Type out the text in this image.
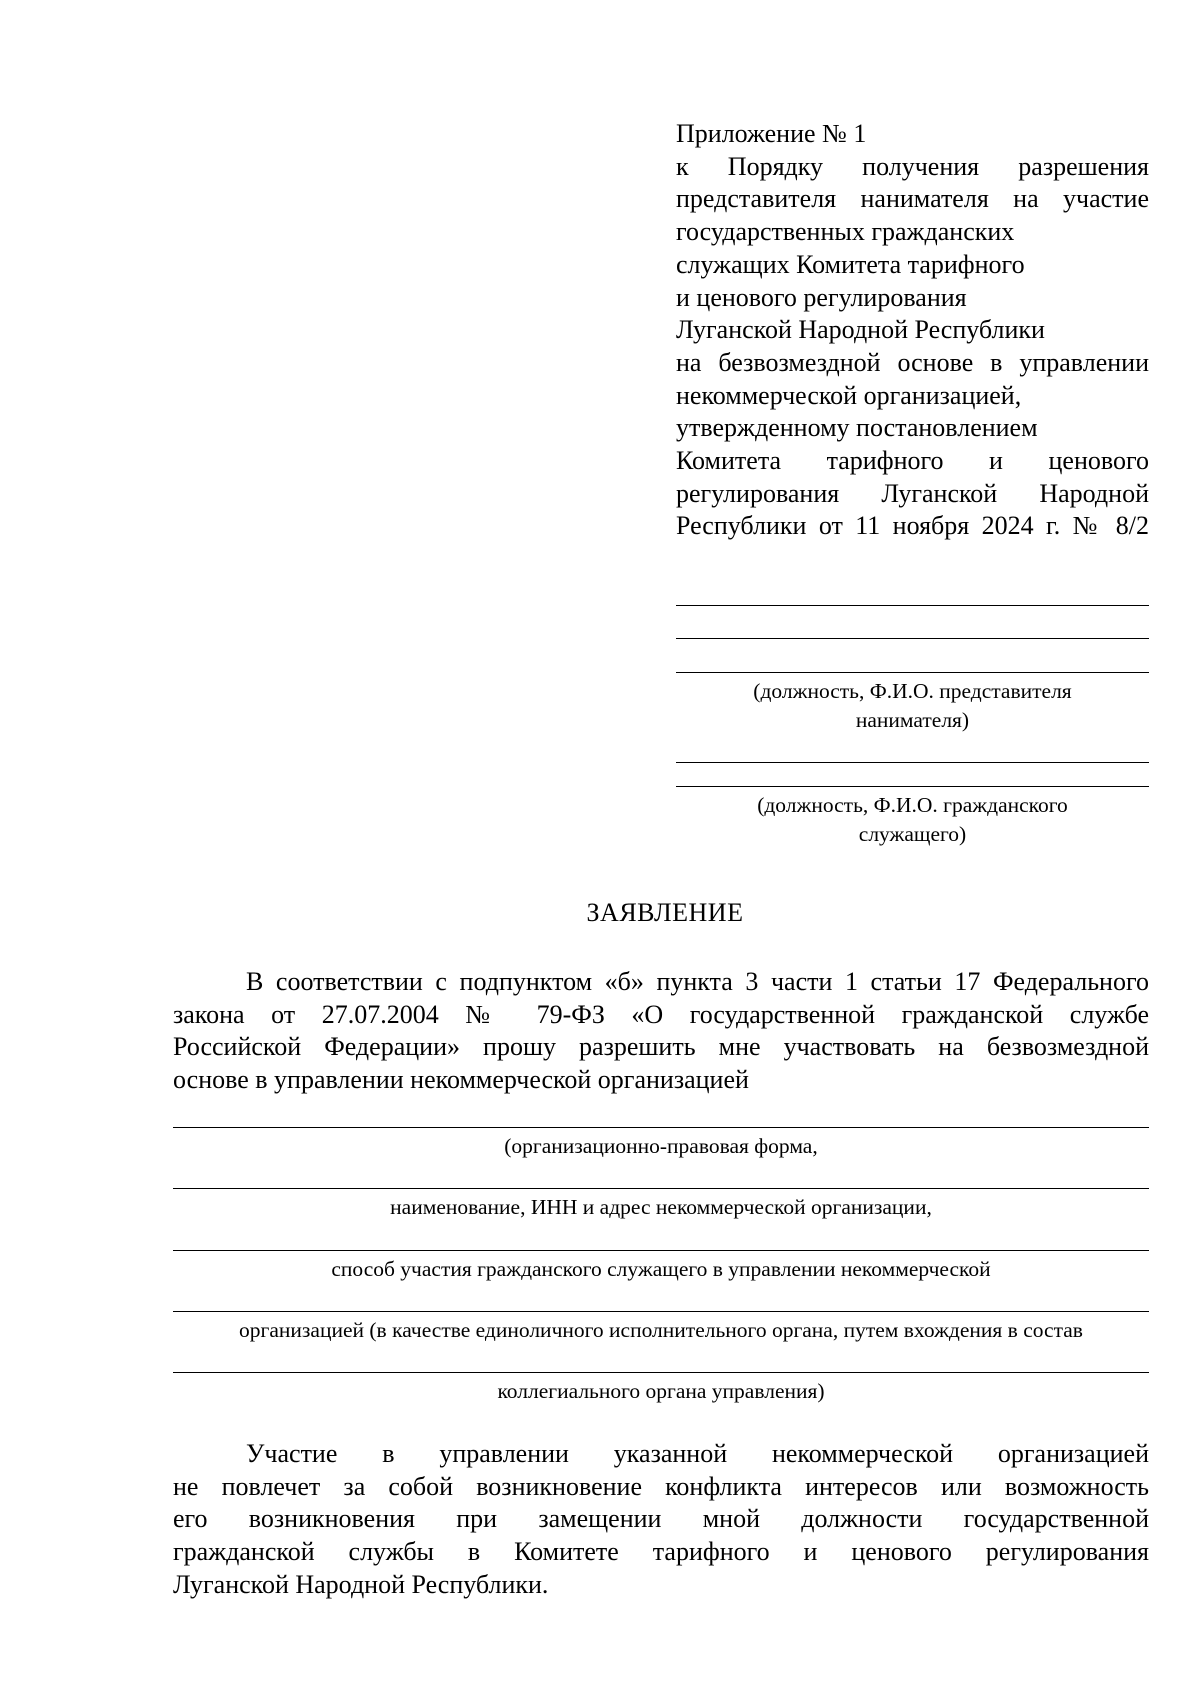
Приложение № 1
к Порядку получения разрешения
представителя нанимателя на участие
государственных гражданских
служащих Комитета тарифного
и ценового регулирования
Луганской Народной Республики
на безвозмездной основе в управлении
некоммерческой организацией,
утвержденному постановлением
Комитета тарифного и ценового
регулирования Луганской Народной
Республики от 11 ноября 2024 г. № 8/2
(должность, Ф.И.О. представителя
нанимателя)
(должность, Ф.И.О. гражданского
служащего)
ЗАЯВЛЕНИЕ
В соответствии с подпунктом «б» пункта 3 части 1 статьи 17 Федерального
закона от 27.07.2004 № 79-ФЗ «О государственной гражданской службе
Российской Федерации» прошу разрешить мне участвовать на безвозмездной
основе в управлении некоммерческой организацией
(организационно-правовая форма,
наименование, ИНН и адрес некоммерческой организации,
способ участия гражданского служащего в управлении некоммерческой
организацией (в качестве единоличного исполнительного органа, путем вхождения в состав
коллегиального органа управления)
Участие в управлении указанной некоммерческой организацией
не повлечет за собой возникновение конфликта интересов или возможность
его возникновения при замещении мной должности государственной
гражданской службы в Комитете тарифного и ценового регулирования
Луганской Народной Республики.
